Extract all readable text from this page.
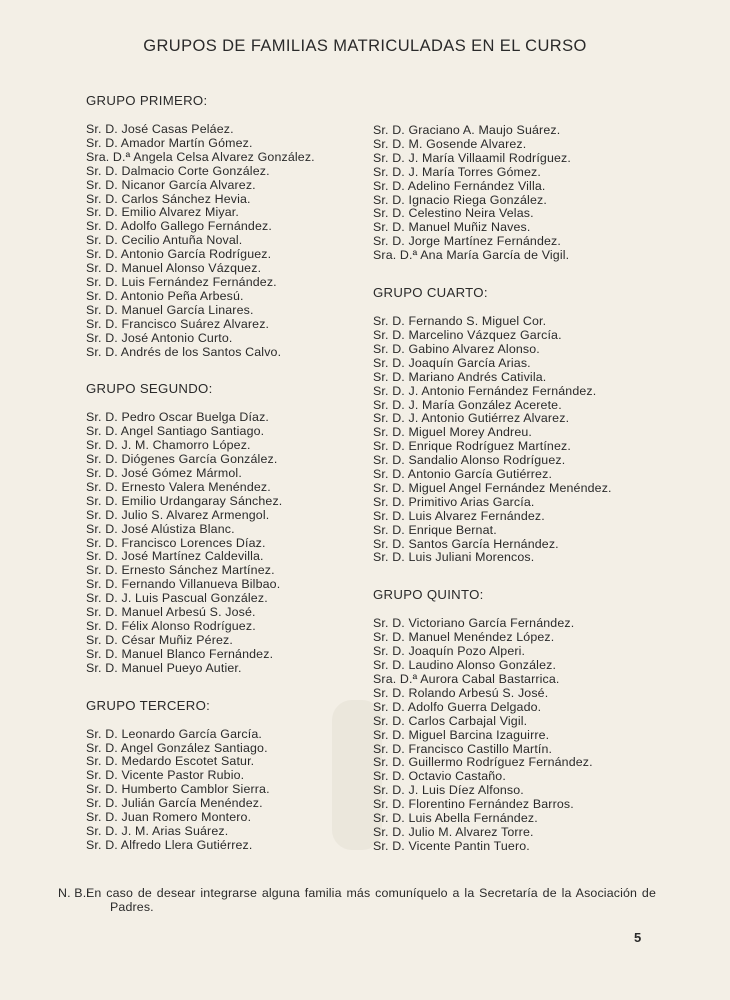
GRUPOS DE FAMILIAS MATRICULADAS EN EL CURSO
GRUPO PRIMERO:
Sr. D. José Casas Peláez.
Sr. D. Amador Martín Gómez.
Sra. D.ª Angela Celsa Alvarez González.
Sr. D. Dalmacio Corte González.
Sr. D. Nicanor García Alvarez.
Sr. D. Carlos Sánchez Hevia.
Sr. D. Emilio Alvarez Miyar.
Sr. D. Adolfo Gallego Fernández.
Sr. D. Cecilio Antuña Noval.
Sr. D. Antonio García Rodríguez.
Sr. D. Manuel Alonso Vázquez.
Sr. D. Luis Fernández Fernández.
Sr. D. Antonio Peña Arbesú.
Sr. D. Manuel García Linares.
Sr. D. Francisco Suárez Alvarez.
Sr. D. José Antonio Curto.
Sr. D. Andrés de los Santos Calvo.
GRUPO SEGUNDO:
Sr. D. Pedro Oscar Buelga Díaz.
Sr. D. Angel Santiago Santiago.
Sr. D. J. M. Chamorro López.
Sr. D. Diógenes García González.
Sr. D. José Gómez Mármol.
Sr. D. Ernesto Valera Menéndez.
Sr. D. Emilio Urdangaray Sánchez.
Sr. D. Julio S. Alvarez Armengol.
Sr. D. José Alústiza Blanc.
Sr. D. Francisco Lorences Díaz.
Sr. D. José Martínez Caldevilla.
Sr. D. Ernesto Sánchez Martínez.
Sr. D. Fernando Villanueva Bilbao.
Sr. D. J. Luis Pascual González.
Sr. D. Manuel Arbesú S. José.
Sr. D. Félix Alonso Rodríguez.
Sr. D. César Muñiz Pérez.
Sr. D. Manuel Blanco Fernández.
Sr. D. Manuel Pueyo Autier.
GRUPO TERCERO:
Sr. D. Leonardo García García.
Sr. D. Angel González Santiago.
Sr. D. Medardo Escotet Satur.
Sr. D. Vicente Pastor Rubio.
Sr. D. Humberto Camblor Sierra.
Sr. D. Julián García Menéndez.
Sr. D. Juan Romero Montero.
Sr. D. J. M. Arias Suárez.
Sr. D. Alfredo Llera Gutiérrez.
Sr. D. Graciano A. Maujo Suárez.
Sr. D. M. Gosende Alvarez.
Sr. D. J. María Villaamil Rodríguez.
Sr. D. J. María Torres Gómez.
Sr. D. Adelino Fernández Villa.
Sr. D. Ignacio Riega González.
Sr. D. Celestino Neira Velas.
Sr. D. Manuel Muñiz Naves.
Sr. D. Jorge Martínez Fernández.
Sra. D.ª Ana María García de Vigil.
GRUPO CUARTO:
Sr. D. Fernando S. Miguel Cor.
Sr. D. Marcelino Vázquez García.
Sr. D. Gabino Alvarez Alonso.
Sr. D. Joaquín García Arias.
Sr. D. Mariano Andrés Cativila.
Sr. D. J. Antonio Fernández Fernández.
Sr. D. J. María González Acerete.
Sr. D. J. Antonio Gutiérrez Alvarez.
Sr. D. Miguel Morey Andreu.
Sr. D. Enrique Rodríguez Martínez.
Sr. D. Sandalio Alonso Rodríguez.
Sr. D. Antonio García Gutiérrez.
Sr. D. Miguel Angel Fernández Menéndez.
Sr. D. Primitivo Arias García.
Sr. D. Luis Alvarez Fernández.
Sr. D. Enrique Bernat.
Sr. D. Santos García Hernández.
Sr. D. Luis Juliani Morencos.
GRUPO QUINTO:
Sr. D. Victoriano García Fernández.
Sr. D. Manuel Menéndez López.
Sr. D. Joaquín Pozo Alperi.
Sr. D. Laudino Alonso González.
Sra. D.ª Aurora Cabal Bastarrica.
Sr. D. Rolando Arbesú S. José.
Sr. D. Adolfo Guerra Delgado.
Sr. D. Carlos Carbajal Vigil.
Sr. D. Miguel Barcina Izaguirre.
Sr. D. Francisco Castillo Martín.
Sr. D. Guillermo Rodríguez Fernández.
Sr. D. Octavio Castaño.
Sr. D. J. Luis Díez Alfonso.
Sr. D. Florentino Fernández Barros.
Sr. D. Luis Abella Fernández.
Sr. D. Julio M. Alvarez Torre.
Sr. D. Vicente Pantin Tuero.
N. B.:
En caso de desear integrarse alguna familia más comuníquelo a la Secretaría de la Asociación de Padres.
5
